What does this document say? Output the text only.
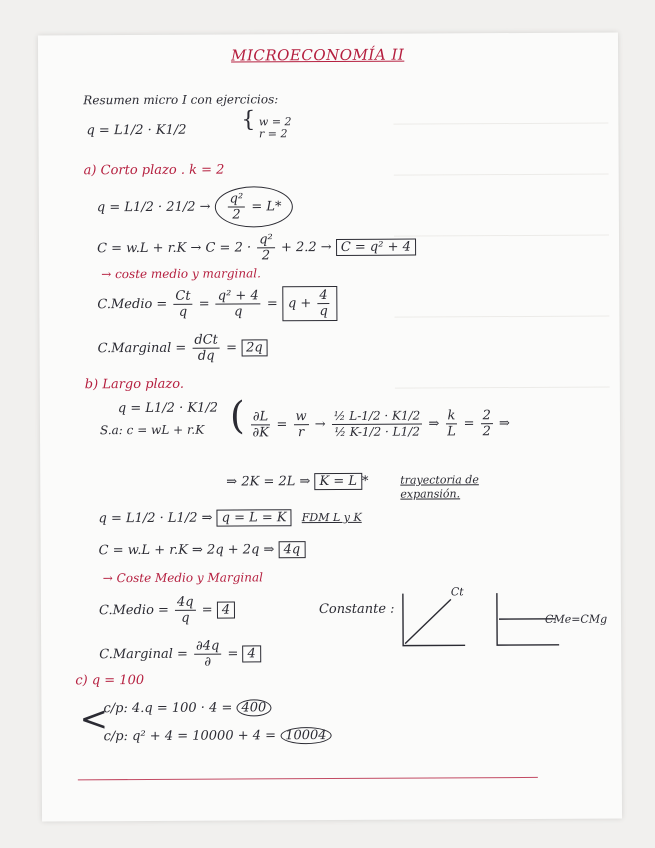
MICROECONOMÍA II
Resumen micro I con ejercicios:
q = L1/2 · K1/2 { w = 2
r = 2
a) Corto plazo . k = 2
$q = L1/2 \cdot 21/2 \to \frac{\text{q²}}{2} = L*$
$C = w.L + r.K \to C = 2 \cdot \frac{\text{q²}}{2} + 2.2 \to C = q^2 + 4$
→ coste medio y marginal.
C.Medio = $\frac{Ct}{q} = \frac{\text{q² + 4}}{q} = q + \frac{4}{q}$
C.Marginal = $\frac{\text{dCt}}{dq} = 2q$
b) Largo plazo.
q = L1/2 · K1/2
S.a: c = wL + r.K ( $\frac{\partial L}{\partial K} = \frac{w}{r} \to \frac{\text{½ L-1/2 · K1/2}}{\text{½ K-1/2 · L1/2}}$ ⇒ $\frac{k}{L} = \frac{2}{2}$ ⇒
⇒ 2K = 2L ⇒ K = L *	trayectoria de expansión.
q = L1/2 · L1/2 ⇒ q = L = K FDM L y K
C = w.L + r.K ⇒ 2q + 2q ⇒ 4q
→ Coste Medio y Marginal
C.Medio = $\frac{4q}{q} = 4$
C.Marginal = $\frac{\partial 4q}{\partial} = 4$
Constante :
Ct
CMe=CMg
c) q = 100
<
c/p: 4.q = 100 · 4 = 400
c/p: q² + 4 = 10000 + 4 = 10004
